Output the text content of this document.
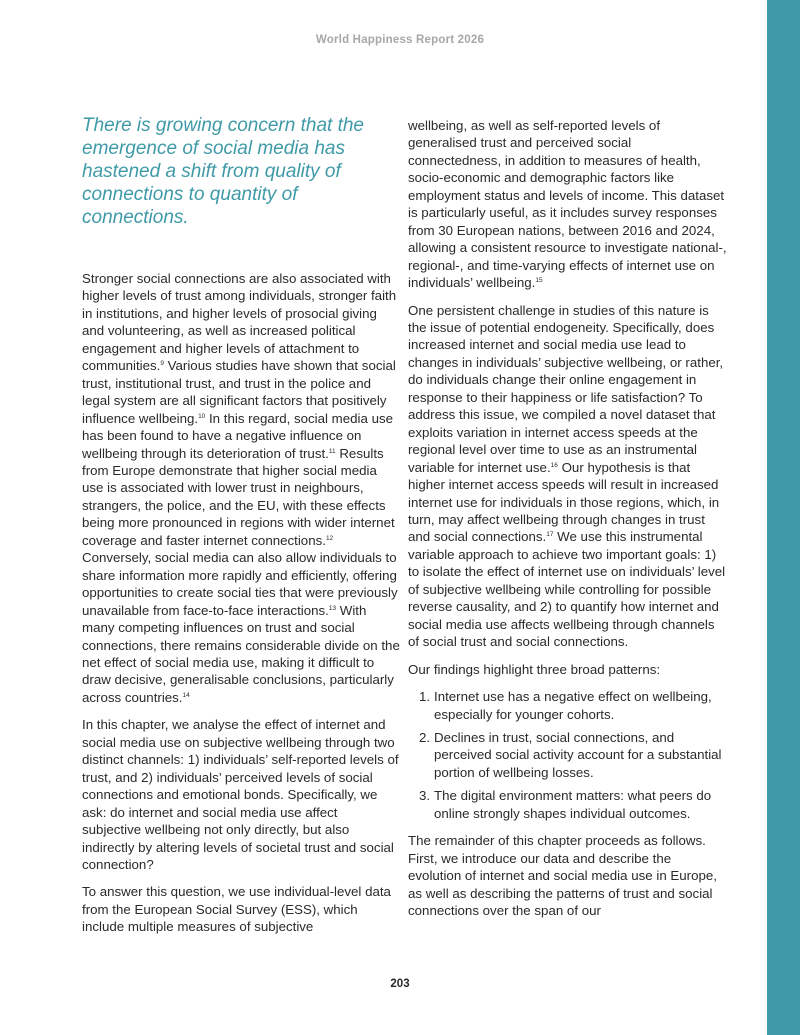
World Happiness Report 2026

There is growing concern that the emergence of social media has hastened a shift from quality of connections to quantity of connections.

Stronger social connections are also associated with higher levels of trust among individuals, stronger faith in institutions, and higher levels of prosocial giving and volunteering, as well as increased political engagement and higher levels of attachment to communities.$^9$ Various studies have shown that social trust, institutional trust, and trust in the police and legal system are all significant factors that positively influence wellbeing.$^{10}$ In this regard, social media use has been found to have a negative influence on wellbeing through its deterioration of trust.$^{11}$ Results from Europe demonstrate that higher social media use is associated with lower trust in neighbours, strangers, the police, and the EU, with these effects being more pronounced in regions with wider internet coverage and faster internet connections.$^{12}$ Conversely, social media can also allow individuals to share information more rapidly and efficiently, offering opportunities to create social ties that were previously unavailable from face-to-face interactions.$^{13}$ With many competing influences on trust and social connections, there remains considerable divide on the net effect of social media use, making it difficult to draw decisive, generalisable conclusions, particularly across countries.$^{14}$

In this chapter, we analyse the effect of internet and social media use on subjective wellbeing through two distinct channels: 1) individuals’ self-reported levels of trust, and 2) individuals’ perceived levels of social connections and emotional bonds. Specifically, we ask: do internet and social media use affect subjective wellbeing not only directly, but also indirectly by altering levels of societal trust and social connection?

To answer this question, we use individual-level data from the European Social Survey (ESS), which include multiple measures of subjective

wellbeing, as well as self-reported levels of generalised trust and perceived social connectedness, in addition to measures of health, socio-economic and demographic factors like employment status and levels of income. This dataset is particularly useful, as it includes survey responses from 30 European nations, between 2016 and 2024, allowing a consistent resource to investigate national-, regional-, and time-varying effects of internet use on individuals’ wellbeing.$^{15}$

One persistent challenge in studies of this nature is the issue of potential endogeneity. Specifically, does increased internet and social media use lead to changes in individuals’ subjective wellbeing, or rather, do individuals change their online engagement in response to their happiness or life satisfaction? To address this issue, we compiled a novel dataset that exploits variation in internet access speeds at the regional level over time to use as an instrumental variable for internet use.$^{16}$ Our hypothesis is that higher internet access speeds will result in increased internet use for individuals in those regions, which, in turn, may affect wellbeing through changes in trust and social connections.$^{17}$ We use this instrumental variable approach to achieve two important goals: 1) to isolate the effect of internet use on individuals’ level of subjective wellbeing while controlling for possible reverse causality, and 2) to quantify how internet and social media use affects wellbeing through channels of social trust and social connections.

Our findings highlight three broad patterns:

1. Internet use has a negative effect on wellbeing, especially for younger cohorts.
2. Declines in trust, social connections, and perceived social activity account for a substantial portion of wellbeing losses.
3. The digital environment matters: what peers do online strongly shapes individual outcomes.

The remainder of this chapter proceeds as follows. First, we introduce our data and describe the evolution of internet and social media use in Europe, as well as describing the patterns of trust and social connections over the span of our

203
